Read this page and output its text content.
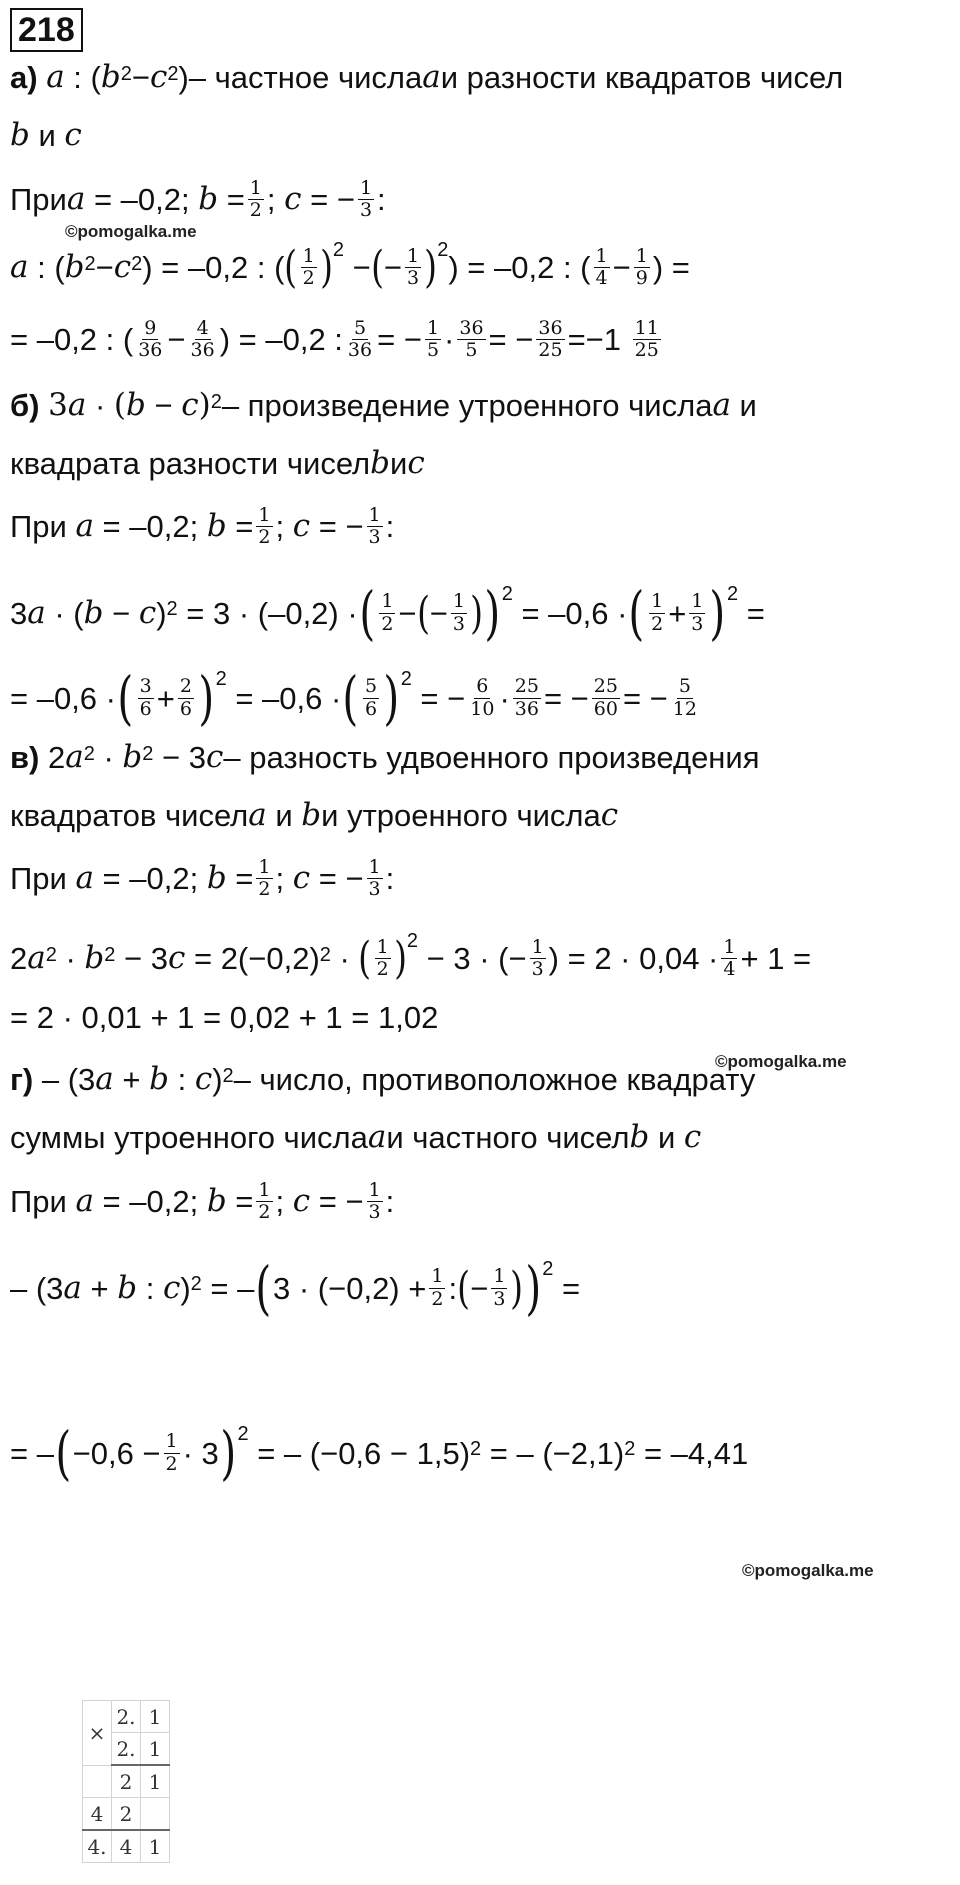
218
а)
a : ( $b^2 - c^2$ ) – частное числа a и разности квадратов чисел
b и c
При a = –0,2; b = 1
2 ; c = − 1
3 :
©pomogalka.me
a : ( $b^2 - c^2$ ) = –0,2 : ( ( 1
2 ) 2
− ( − 1
3 ) 2
) = –0,2 : ( 1
4 − 1
9 ) =
= –0,2 : ( 9
36 − 4
36 ) = –0,2 : 5
36 = − 1
5 · 36
5 = − 36
25 = −1
11
25
б)
3 a · ( b − c )$^2$ – произведение утроенного числа a и
квадрата разности чисел b и c
При a = –0,2; b = 1
2 ; c = − 1
3 :
3 a · ( b − c )$^2$ = 3 · (–0,2) · ( 1
2 − ( − 1
3 ) ) 2
= –0,6 · ( 1
2 + 1
3 ) 2
=
= –0,6 · ( 3
6 + 2
6 ) 2
= –0,6 · ( 5
6 ) 2
= − 6
10 · 25
36 = − 25
60 = − 5
12
в) 2 $a^2 \cdot b^2 - 3$ c – разность удвоенного произведения
квадратов чисел a и b и утроенного числа c
При a = –0,2; b = 1
2 ; c = − 1
3 :
©pomogalka.me
2 $a^2 \cdot b^2 - 3$ $c = 2(-0,2)^2$ · ( 1
2 ) 2
− 3 · (− 1
3 ) = 2 · 0,04 · 1
4 + 1 =
= 2 · 0,01 + 1 = 0,02 + 1 = 1,02
г) – (3 a + b : c )$^2$ – число, противоположное квадрату
суммы утроенного числа a и частного чисел b и c
При a = –0,2; b = 1
2 ; c = − 1
3 :
©pomogalka.me
– (3 a + b : c )$^2$ = – ( 3 · (−0,2) + 1
2 : ( − 1
3 ) ) 2
=
= – ( −0,6 − 1
2 · 3 ) 2
= – $(-0,6 - 1,5)^2$ = – $(-2,1)^2$
= –4,41
×	2.	1
	2.	1
	2	1
4	2	
4.	4	1
